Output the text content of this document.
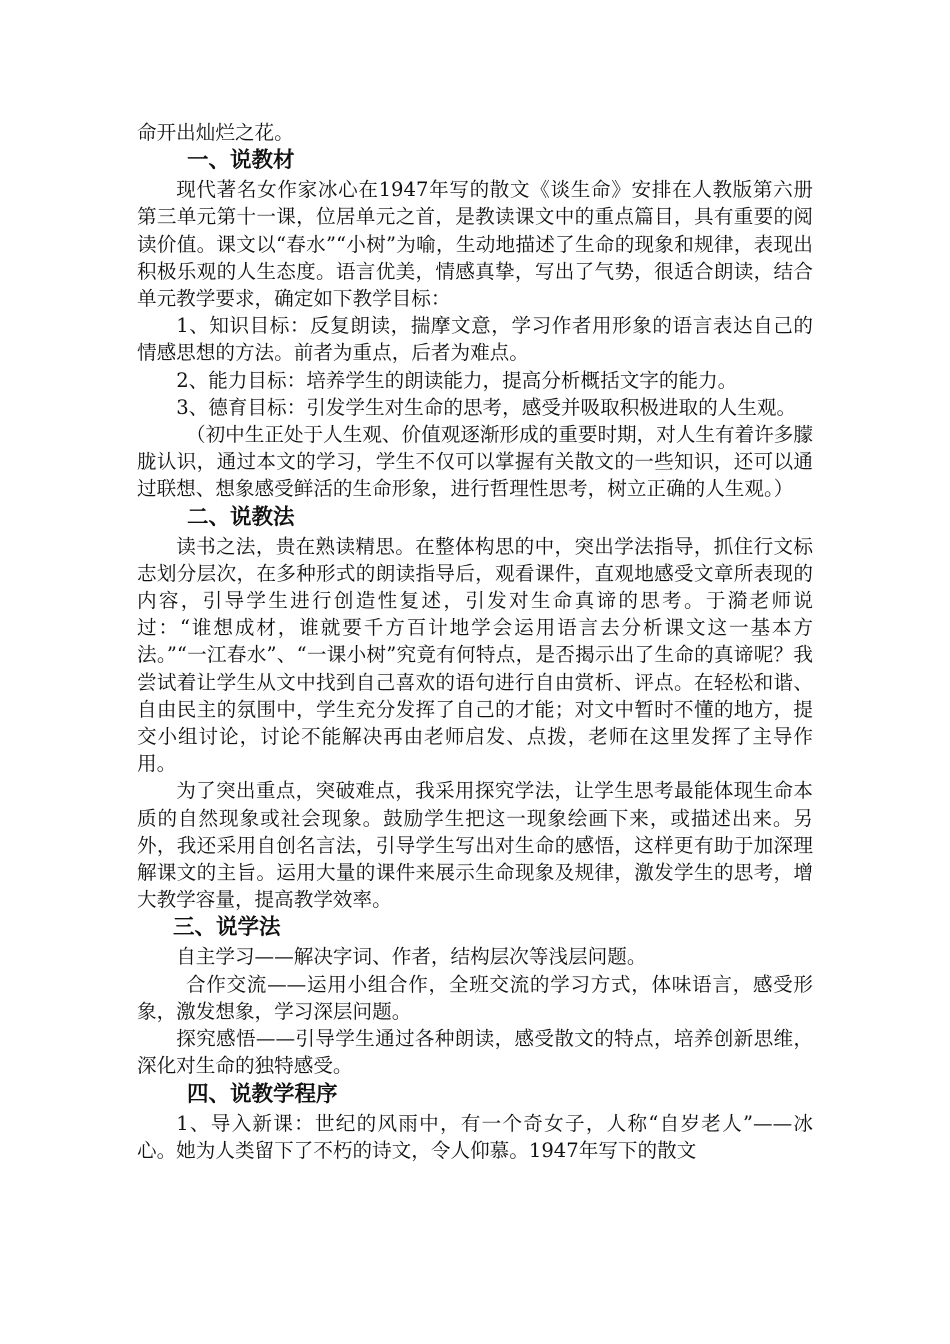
命开出灿烂之花。

一、说教材

现代著名女作家冰心在1947年写的散文《谈生命》安排在人教版第六册第三单元第十一课，位居单元之首，是教读课文中的重点篇目，具有重要的阅读价值。课文以“春水”“小树”为喻，生动地描述了生命的现象和规律，表现出积极乐观的人生态度。语言优美，情感真挚，写出了气势，很适合朗读，结合单元教学要求，确定如下教学目标：

1、知识目标：反复朗读，揣摩文意，学习作者用形象的语言表达自己的情感思想的方法。前者为重点，后者为难点。

2、能力目标：培养学生的朗读能力，提高分析概括文字的能力。

3、德育目标：引发学生对生命的思考，感受并吸取积极进取的人生观。

（初中生正处于人生观、价值观逐渐形成的重要时期，对人生有着许多朦胧认识，通过本文的学习，学生不仅可以掌握有关散文的一些知识，还可以通过联想、想象感受鲜活的生命形象，进行哲理性思考，树立正确的人生观。）

二、说教法

读书之法，贵在熟读精思。在整体构思的中，突出学法指导，抓住行文标志划分层次，在多种形式的朗读指导后，观看课件，直观地感受文章所表现的内容，引导学生进行创造性复述，引发对生命真谛的思考。于漪老师说过：“谁想成材，谁就要千方百计地学会运用语言去分析课文这一基本方法。”“一江春水”、“一课小树”究竟有何特点，是否揭示出了生命的真谛呢？我尝试着让学生从文中找到自己喜欢的语句进行自由赏析、评点。在轻松和谐、自由民主的氛围中，学生充分发挥了自己的才能；对文中暂时不懂的地方，提交小组讨论，讨论不能解决再由老师启发、点拨，老师在这里发挥了主导作用。

为了突出重点，突破难点，我采用探究学法，让学生思考最能体现生命本质的自然现象或社会现象。鼓励学生把这一现象绘画下来，或描述出来。另外，我还采用自创名言法，引导学生写出对生命的感悟，这样更有助于加深理解课文的主旨。运用大量的课件来展示生命现象及规律，激发学生的思考，增大教学容量，提高教学效率。

三、说学法

自主学习——解决字词、作者，结构层次等浅层问题。

合作交流——运用小组合作，全班交流的学习方式，体味语言，感受形象，激发想象，学习深层问题。

探究感悟——引导学生通过各种朗读，感受散文的特点，培养创新思维，深化对生命的独特感受。

四、说教学程序

1、导入新课：世纪的风雨中，有一个奇女子，人称“自岁老人”——冰心。她为人类留下了不朽的诗文，令人仰慕。1947年写下的散文
